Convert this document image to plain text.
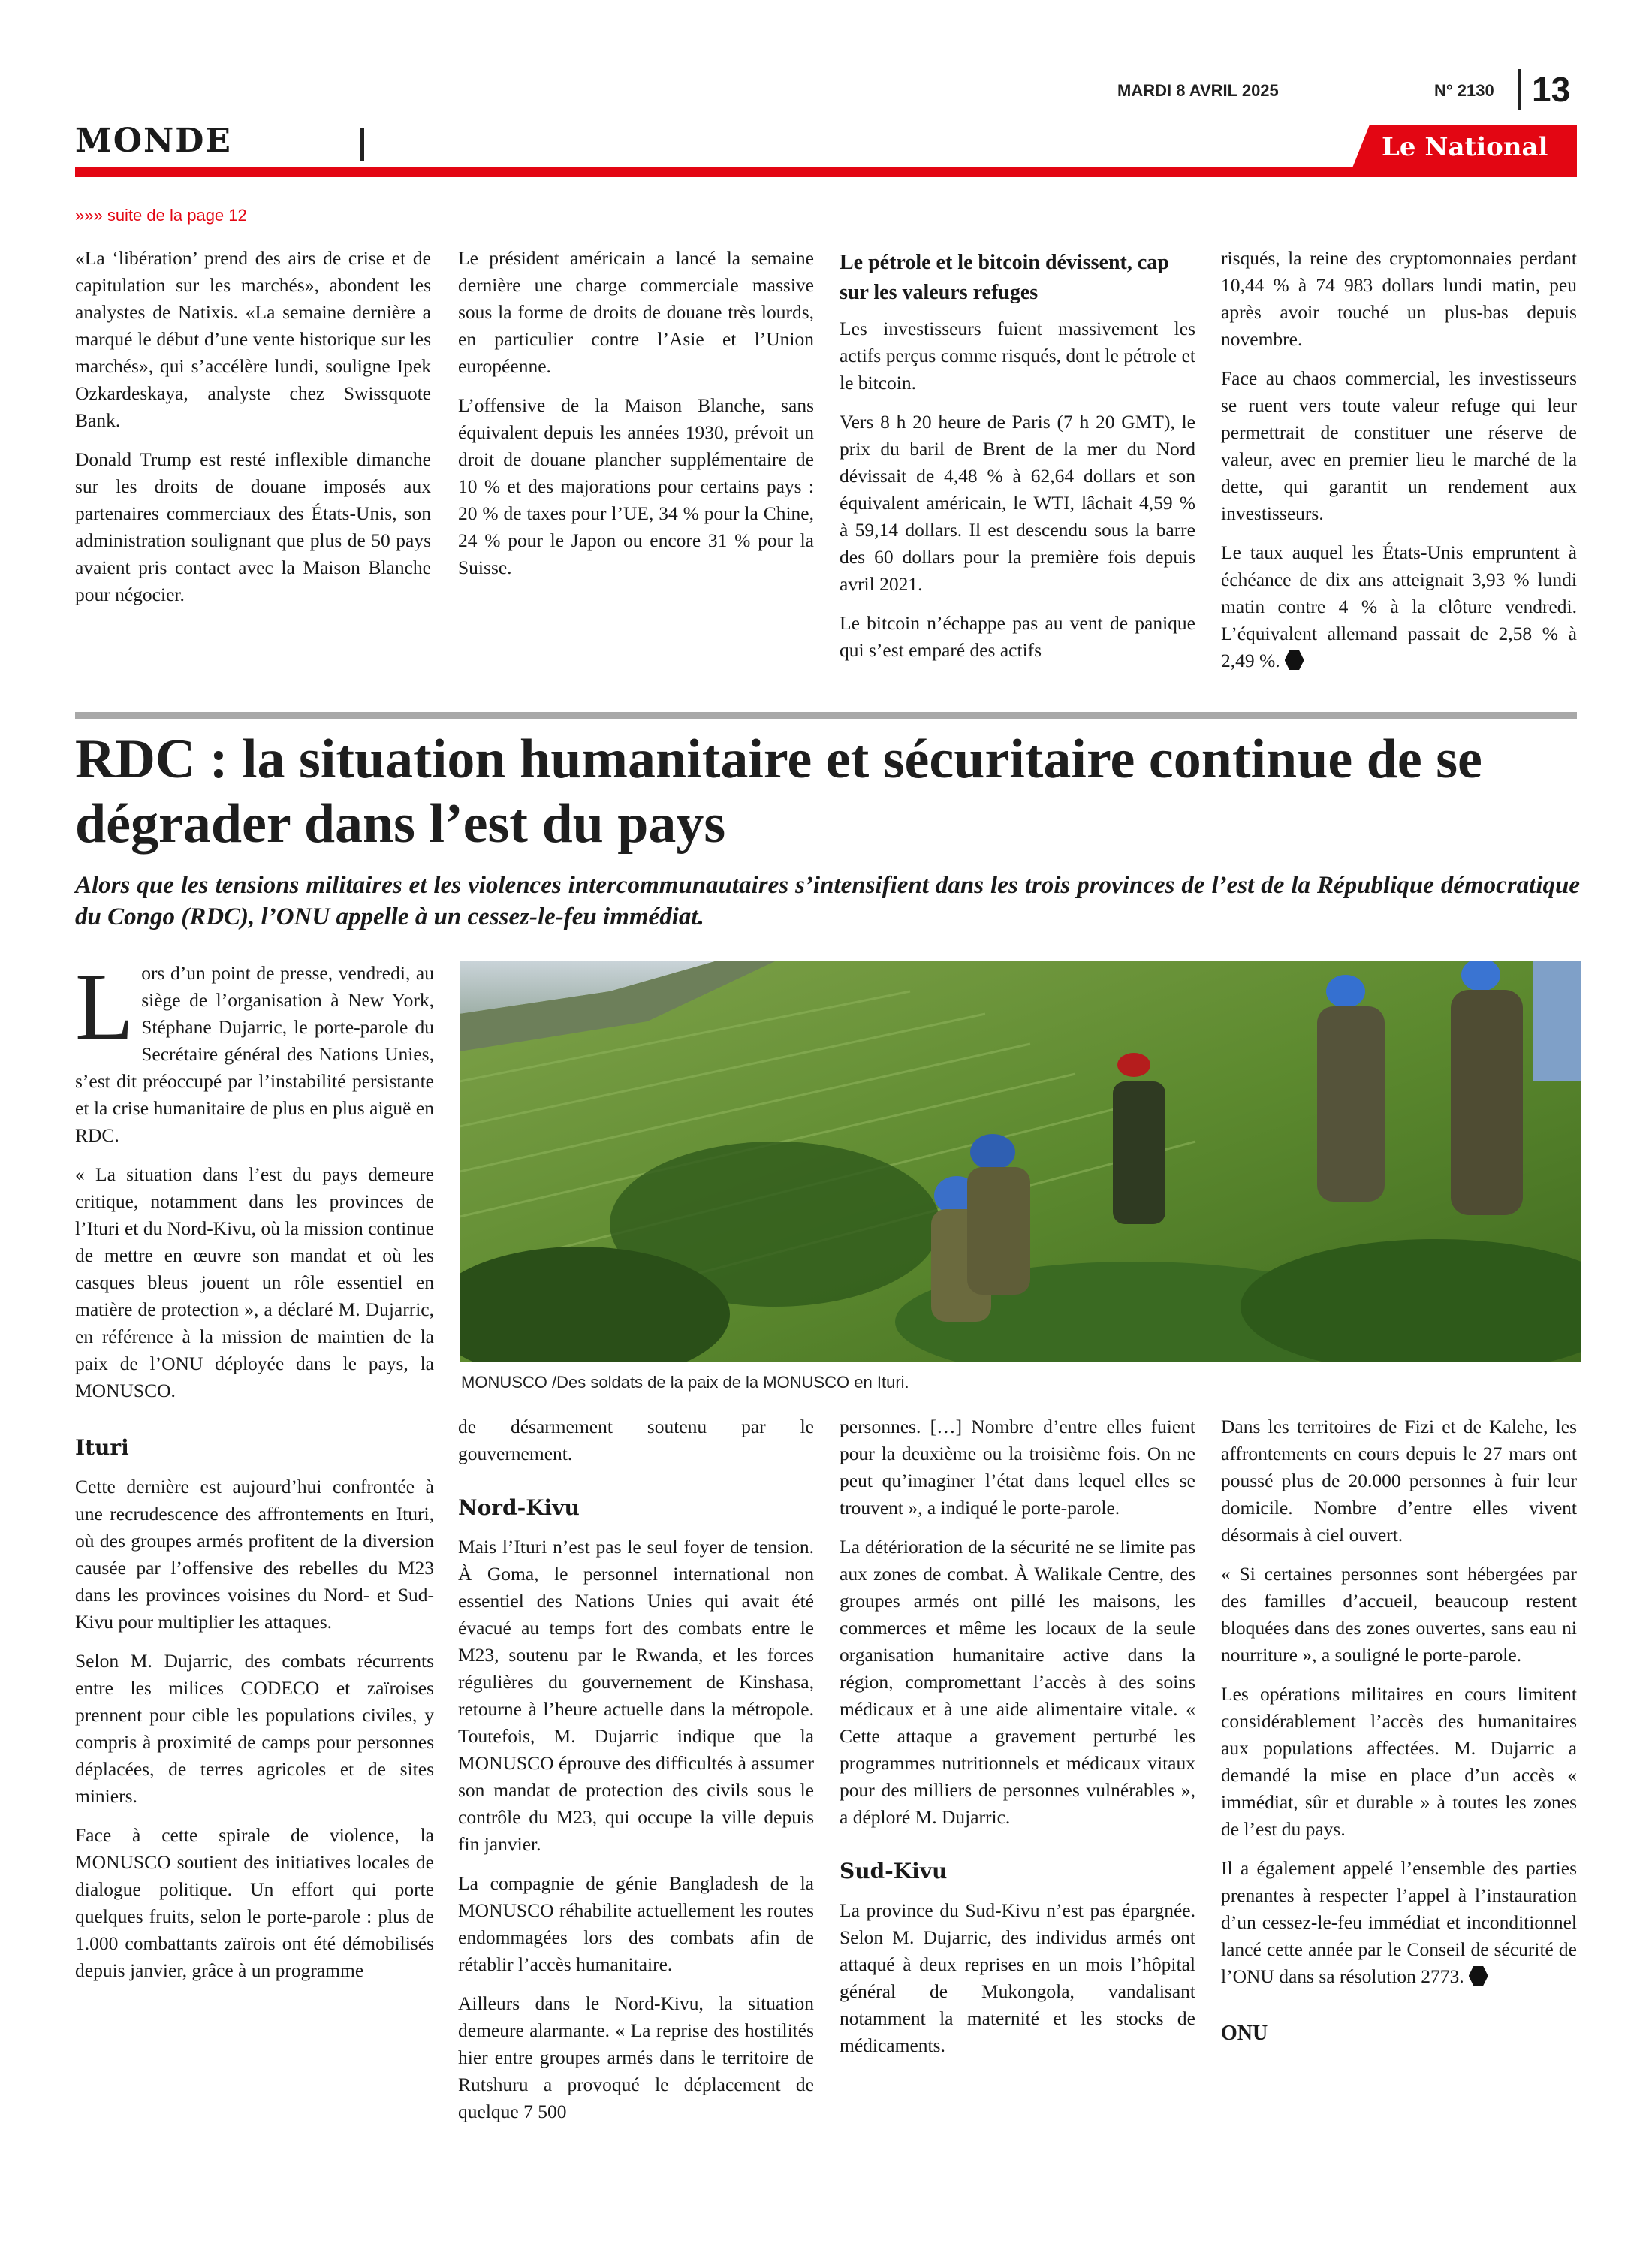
MARDI 8 AVRIL 2025	N° 2130 13
MONDE	Le National
»»» suite de la page 12

«La ‘libération’ prend des airs de crise et de capitulation sur les marchés», abondent les analystes de Natixis. «La semaine dernière a marqué le début d’une vente historique sur les marchés», qui s’accélère lundi, souligne Ipek Ozkardeskaya, analyste chez Swissquote Bank.

Donald Trump est resté inflexible dimanche sur les droits de douane imposés aux partenaires commerciaux des États-Unis, son administration soulignant que plus de 50 pays avaient pris contact avec la Maison Blanche pour négocier.

Le président américain a lancé la semaine dernière une charge commerciale massive sous la forme de droits de douane très lourds, en particulier contre l’Asie et l’Union européenne.

L’offensive de la Maison Blanche, sans équivalent depuis les années 1930, prévoit un droit de douane plancher supplémentaire de 10 % et des majorations pour certains pays : 20 % de taxes pour l’UE, 34 % pour la Chine, 24 % pour le Japon ou encore 31 % pour la Suisse.

Le pétrole et le bitcoin dévissent, cap sur les valeurs refuges

Les investisseurs fuient massivement les actifs perçus comme risqués, dont le pétrole et le bitcoin.

Vers 8 h 20 heure de Paris (7 h 20 GMT), le prix du baril de Brent de la mer du Nord dévissait de 4,48 % à 62,64 dollars et son équivalent américain, le WTI, lâchait 4,59 % à 59,14 dollars. Il est descendu sous la barre des 60 dollars pour la première fois depuis avril 2021.

Le bitcoin n’échappe pas au vent de panique qui s’est emparé des actifs

risqués, la reine des cryptomonnaies perdant 10,44 % à 74 983 dollars lundi matin, peu après avoir touché un plus-bas depuis novembre.

Face au chaos commercial, les investisseurs se ruent vers toute valeur refuge qui leur permettrait de constituer une réserve de valeur, avec en premier lieu le marché de la dette, qui garantit un rendement aux investisseurs.

Le taux auquel les États-Unis empruntent à échéance de dix ans atteignait 3,93 % lundi matin contre 4 % à la clôture vendredi. L’équivalent allemand passait de 2,58 % à 2,49 %.

RDC : la situation humanitaire et sécuritaire continue de se dégrader dans l’est du pays
Alors que les tensions militaires et les violences intercommunautaires s’intensifient dans les trois provinces de l’est de la République démocratique du Congo (RDC), l’ONU appelle à un cessez-le-feu immédiat.
MONUSCO /Des soldats de la paix de la MONUSCO en Ituri.

Lors d’un point de presse, vendredi, au siège de l’organisation à New York, Stéphane Dujarric, le porte-parole du Secrétaire général des Nations Unies, s’est dit préoccupé par l’instabilité persistante et la crise humanitaire de plus en plus aiguë en RDC.

« La situation dans l’est du pays demeure critique, notamment dans les provinces de l’Ituri et du Nord-Kivu, où la mission continue de mettre en œuvre son mandat et où les casques bleus jouent un rôle essentiel en matière de protection », a déclaré M. Dujarric, en référence à la mission de maintien de la paix de l’ONU déployée dans le pays, la MONUSCO.

Ituri

Cette dernière est aujourd’hui confrontée à une recrudescence des affrontements en Ituri, où des groupes armés profitent de la diversion causée par l’offensive des rebelles du M23 dans les provinces voisines du Nord- et Sud-Kivu pour multiplier les attaques.

Selon M. Dujarric, des combats récurrents entre les milices CODECO et zaïroises prennent pour cible les populations civiles, y compris à proximité de camps pour personnes déplacées, de terres agricoles et de sites miniers.

Face à cette spirale de violence, la MONUSCO soutient des initiatives locales de dialogue politique. Un effort qui porte quelques fruits, selon le porte-parole : plus de 1.000 combattants zaïrois ont été démobilisés depuis janvier, grâce à un programme

de désarmement soutenu par le gouvernement.

Nord-Kivu

Mais l’Ituri n’est pas le seul foyer de tension. À Goma, le personnel international non essentiel des Nations Unies qui avait été évacué au temps fort des combats entre le M23, soutenu par le Rwanda, et les forces régulières du gouvernement de Kinshasa, retourne à l’heure actuelle dans la métropole. Toutefois, M. Dujarric indique que la MONUSCO éprouve des difficultés à assumer son mandat de protection des civils sous le contrôle du M23, qui occupe la ville depuis fin janvier.

La compagnie de génie Bangladesh de la MONUSCO réhabilite actuellement les routes endommagées lors des combats afin de rétablir l’accès humanitaire.

Ailleurs dans le Nord-Kivu, la situation demeure alarmante. « La reprise des hostilités hier entre groupes armés dans le territoire de Rutshuru a provoqué le déplacement de quelque 7 500

personnes. […] Nombre d’entre elles fuient pour la deuxième ou la troisième fois. On ne peut qu’imaginer l’état dans lequel elles se trouvent », a indiqué le porte-parole.

La détérioration de la sécurité ne se limite pas aux zones de combat. À Walikale Centre, des groupes armés ont pillé les maisons, les commerces et même les locaux de la seule organisation humanitaire active dans la région, compromettant l’accès à des soins médicaux et à une aide alimentaire vitale. « Cette attaque a gravement perturbé les programmes nutritionnels et médicaux vitaux pour des milliers de personnes vulnérables », a déploré M. Dujarric.

Sud-Kivu

La province du Sud-Kivu n’est pas épargnée. Selon M. Dujarric, des individus armés ont attaqué à deux reprises en un mois l’hôpital général de Mukongola, vandalisant notamment la maternité et les stocks de médicaments.

Dans les territoires de Fizi et de Kalehe, les affrontements en cours depuis le 27 mars ont poussé plus de 20.000 personnes à fuir leur domicile. Nombre d’entre elles vivent désormais à ciel ouvert.

« Si certaines personnes sont hébergées par des familles d’accueil, beaucoup restent bloquées dans des zones ouvertes, sans eau ni nourriture », a souligné le porte-parole.

Les opérations militaires en cours limitent considérablement l’accès des humanitaires aux populations affectées. M. Dujarric a demandé la mise en place d’un accès « immédiat, sûr et durable » à toutes les zones de l’est du pays.

Il a également appelé l’ensemble des parties prenantes à respecter l’appel à l’instauration d’un cessez-le-feu immédiat et inconditionnel lancé cette année par le Conseil de sécurité de l’ONU dans sa résolution 2773.

ONU
